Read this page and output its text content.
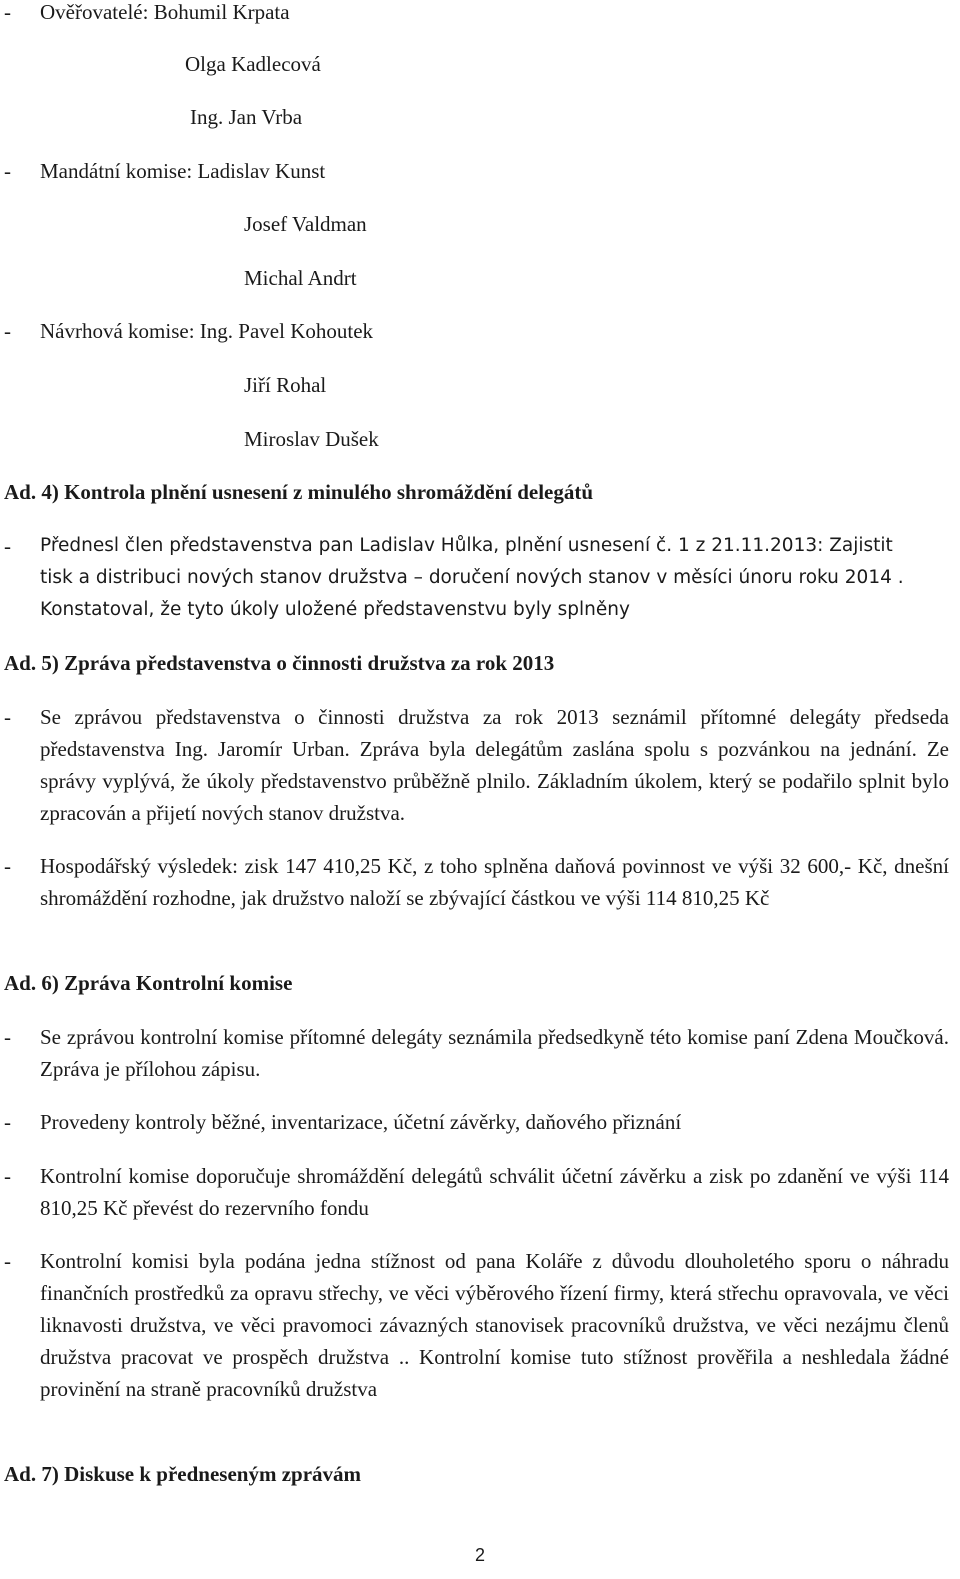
- Ověřovatelé: Bohumil Krpata
Olga Kadlecová
Ing. Jan Vrba
- Mandátní komise: Ladislav Kunst
Josef Valdman
Michal Andrt
- Návrhová komise: Ing. Pavel Kohoutek
Jiří Rohal
Miroslav Dušek
Ad. 4) Kontrola plnění usnesení z minulého shromáždění delegátů
- Přednesl člen představenstva pan Ladislav Hůlka, plnění usnesení č. 1 z 21.11.2013: Zajistit
tisk a distribuci nových stanov družstva – doručení nových stanov v měsíci únoru roku 2014 .
Konstatoval, že tyto úkoly uložené představenstvu byly splněny
Ad. 5) Zpráva představenstva o činnosti družstva za rok 2013
- Se zprávou představenstva o činnosti družstva za rok 2013 seznámil přítomné delegáty předseda představenstva Ing. Jaromír Urban. Zpráva byla delegátům zaslána spolu s pozvánkou na jednání. Ze správy vyplývá, že úkoly představenstvo průběžně plnilo. Základním úkolem, který se podařilo splnit bylo zpracován a přijetí nových stanov družstva.
- Hospodářský výsledek: zisk 147 410,25 Kč, z toho splněna daňová povinnost ve výši 32 600,- Kč, dnešní shromáždění rozhodne, jak družstvo naloží se zbývající částkou ve výši 114 810,25 Kč
Ad. 6) Zpráva Kontrolní komise
- Se zprávou kontrolní komise přítomné delegáty seznámila předsedkyně této komise paní Zdena Moučková. Zpráva je přílohou zápisu.
- Provedeny kontroly běžné, inventarizace, účetní závěrky, daňového přiznání
- Kontrolní komise doporučuje shromáždění delegátů schválit účetní závěrku a zisk po zdanění ve výši 114 810,25 Kč převést do rezervního fondu
- Kontrolní komisi byla podána jedna stížnost od pana Koláře z důvodu dlouholetého sporu o náhradu finančních prostředků za opravu střechy, ve věci výběrového řízení firmy, která střechu opravovala, ve věci liknavosti družstva, ve věci pravomoci závazných stanovisek pracovníků družstva, ve věci nezájmu členů družstva pracovat ve prospěch družstva .. Kontrolní komise tuto stížnost prověřila a neshledala žádné provinění na straně pracovníků družstva
Ad. 7) Diskuse k předneseným zprávám
2
